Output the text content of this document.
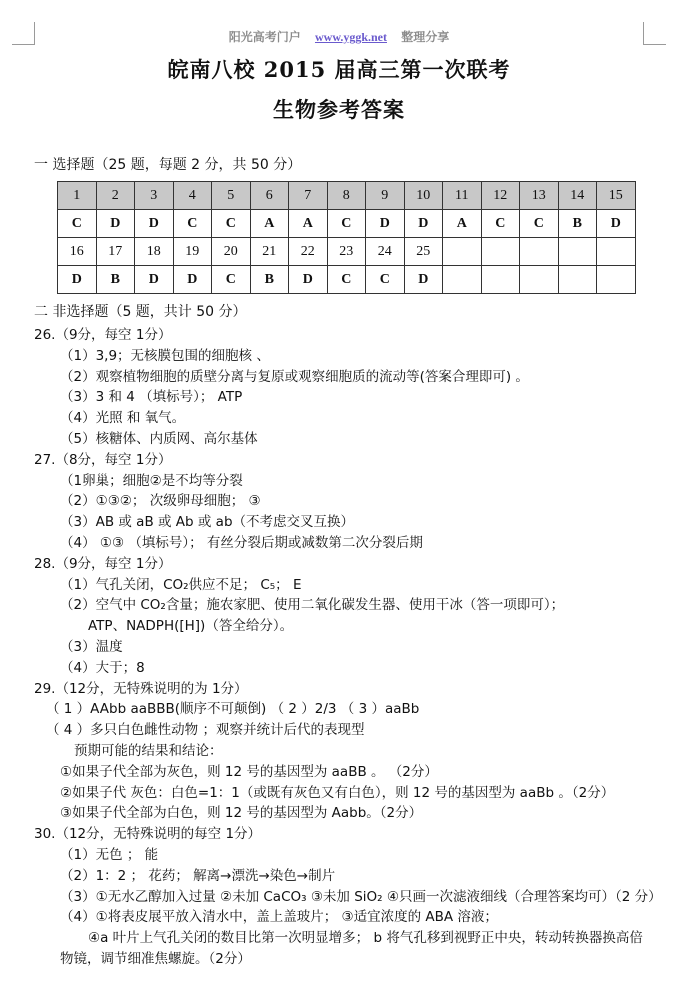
阳光高考门户 www.yggk.net 整理分享
皖南八校 2015 届高三第一次联考
生物参考答案
一 选择题（25 题，每题 2 分，共 50 分）
1	2	3	4	5	6	7	8	9	10	11	12	13	14	15
C	D	D	C	C	A	A	C	D	D	A	C	C	B	D
16	17	18	19	20	21	22	23	24	25					
D	B	D	D	C	B	D	C	C	D					
二 非选择题（5 题，共计 50 分）
26.（9分，每空 1分）
（1）3,9；无核膜包围的细胞核 、
（2）观察植物细胞的质壁分离与复原或观察细胞质的流动等(答案合理即可) 。
（3）3 和 4 （填标号）； ATP
（4）光照 和 氧气。
（5）核糖体、内质网、高尔基体
27.（8分，每空 1分）
（1卵巢；细胞②是不均等分裂
（2）①③②； 次级卵母细胞； ③
（3）AB 或 aB 或 Ab 或 ab（不考虑交叉互换）
（4） ①③ （填标号）； 有丝分裂后期或减数第二次分裂后期
28.（9分，每空 1分）
（1）气孔关闭，CO₂供应不足； C₅； E
（2）空气中 CO₂含量；施农家肥、使用二氧化碳发生器、使用干冰（答一项即可）；
ATP、NADPH([H])（答全给分）。
（3）温度
（4）大于；8
29.（12分，无特殊说明的为 1分）
（ 1 ）AAbb aaBBB(顺序不可颠倒) （ 2 ）2/3 （ 3 ）aaBb
（ 4 ）多只白色雌性动物 ；观察并统计后代的表现型
预期可能的结果和结论：
①如果子代全部为灰色，则 12 号的基因型为 aaBB 。 （2分）
②如果子代 灰色：白色=1：1（或既有灰色又有白色），则 12 号的基因型为 aaBb 。（2分）
③如果子代全部为白色，则 12 号的基因型为 Aabb。（2分）
30.（12分，无特殊说明的每空 1分）
（1）无色 ； 能
（2）1：2 ； 花药； 解离→漂洗→染色→制片
（3）①无水乙醇加入过量 ②未加 CaCO₃ ③未加 SiO₂ ④只画一次滤液细线（合理答案均可）（2 分）
（4）①将表皮展平放入清水中，盖上盖玻片； ③适宜浓度的 ABA 溶液；
④a 叶片上气孔关闭的数目比第一次明显增多； b 将气孔移到视野正中央，转动转换器换高倍
物镜，调节细准焦螺旋。（2分）
